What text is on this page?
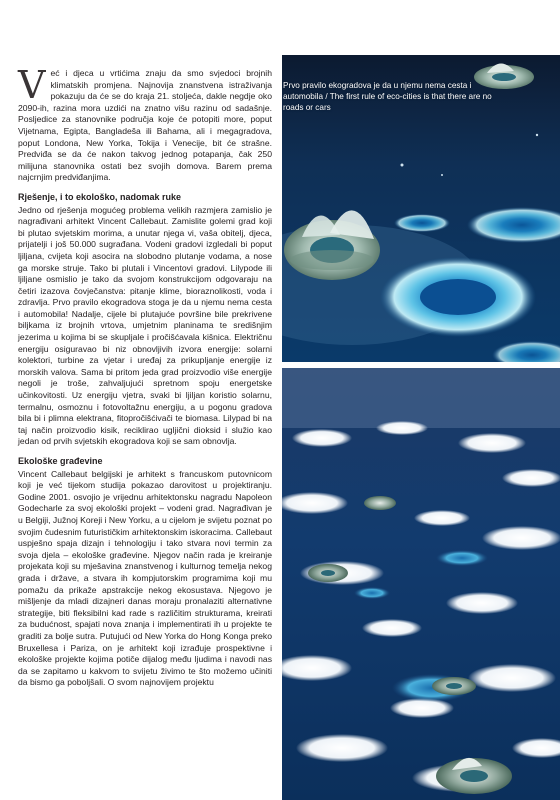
Već i djeca u vrtićima znaju da smo svjedoci brojnih klimatskih promjena. Najnovija znanstvena istraživanja pokazuju da će se do kraja 21. stoljeća, dakle negdje oko 2090-ih, razina mora uzdići na znatno višu razinu od sadašnje. Posljedice za stanovnike područja koje će potopiti more, poput Vijetnama, Egipta, Bangladeša ili Bahama, ali i megagradova, poput Londona, New Yorka, Tokija i Venecije, bit će strašne. Predviđa se da će nakon takvog jednog potapanja, čak 250 milijuna stanovnika ostati bez svojih domova. Barem prema najcrnjim predviđanjima.

Rješenje, i to ekološko, nadomak ruke

Jedno od rješenja mogućeg problema velikih razmjera zamislio je nagrađivani arhitekt Vincent Callebaut. Zamislite golemi grad koji bi plutao svjetskim morima, a unutar njega vi, vaša obitelj, djeca, prijatelji i još 50.000 sugrađana. Vodeni gradovi izgledali bi poput ljiljana, cvijeta koji asocira na slobodno plutanje vodama, a nose ga morske struje. Tako bi plutali i Vincentovi gradovi. Lilypode ili ljiljane osmislio je tako da svojom konstrukcijom odgovaraju na četiri izazova čovječanstva: pitanje klime, bioraznolikosti, voda i zdravlja. Prvo pravilo ekogradova stoga je da u njemu nema cesta i automobila! Nadalje, cijele bi plutajuće površine bile prekrivene biljkama iz brojnih vrtova, umjetnim planinama te središnjim jezerima u kojima bi se skupljale i pročišćavala kišnica. Električnu energiju osiguravao bi niz obnovljivih izvora energije: solarni kolektori, turbine za vjetar i uređaj za prikupljanje energije iz morskih valova. Sama bi pritom jeda grad proizvodio više energije negoli je troše, zahvaljujući spretnom spoju energetske učinkovitosti. Uz energiju vjetra, svaki bi ljiljan koristio solarnu, termalnu, osmoznu i fotovoltažnu energiju, a u pogonu gradova bila bi i plimna elektrana, fitopročišćivači te biomasa. Lilypad bi na taj način proizvodio kisik, reciklirao ugljični dioksid i služio kao jedan od prvih svjetskih ekogradova koji se sam obnovlja.

Ekološke građevine

Vincent Callebaut belgijski je arhitekt s francuskom putovnicom koji je već tijekom studija pokazao darovitost u projektiranju. Godine 2001. osvojio je vrijednu arhitektonsku nagradu Napoleon Godecharle za svoj ekološki projekt – vodeni grad. Nagrađivan je u Belgiji, Južnoj Koreji i New Yorku, a u cijelom je svijetu poznat po svojim čudesnim futurističkim arhitektonskim iskoracima. Callebaut uspješno spaja dizajn i tehnologiju i tako stvara novi termin za svoja djela – ekološke građevine. Njegov način rada je kreiranje projekata koji su mješavina znanstvenog i kulturnog temelja nekog grada i države, a stvara ih kompjutorskim programima koji mu pomažu da prikaže apstrakcije nekog ekosustava. Njegovo je mišljenje da mladi dizajneri danas moraju pronalaziti alternativne strategije, biti fleksibilni kad rade s različitim strukturama, kreirati za budućnost, spajati nova znanja i implementirati ih u projekte te graditi za bolje sutra. Putujući od New Yorka do Hong Konga preko Bruxellesa i Pariza, on je arhitekt koji izrađuje prospektivne i ekološke projekte kojima potiče dijalog među ljudima i navodi nas da se zapitamo u kakvom to svijetu živimo te što možemo učiniti da bismo ga poboljšali. O svom najnovijem projektu

Prvo pravilo ekogradova je da u njemu nema cesta i automobila / The first rule of eco-cities is that there are no roads or cars
